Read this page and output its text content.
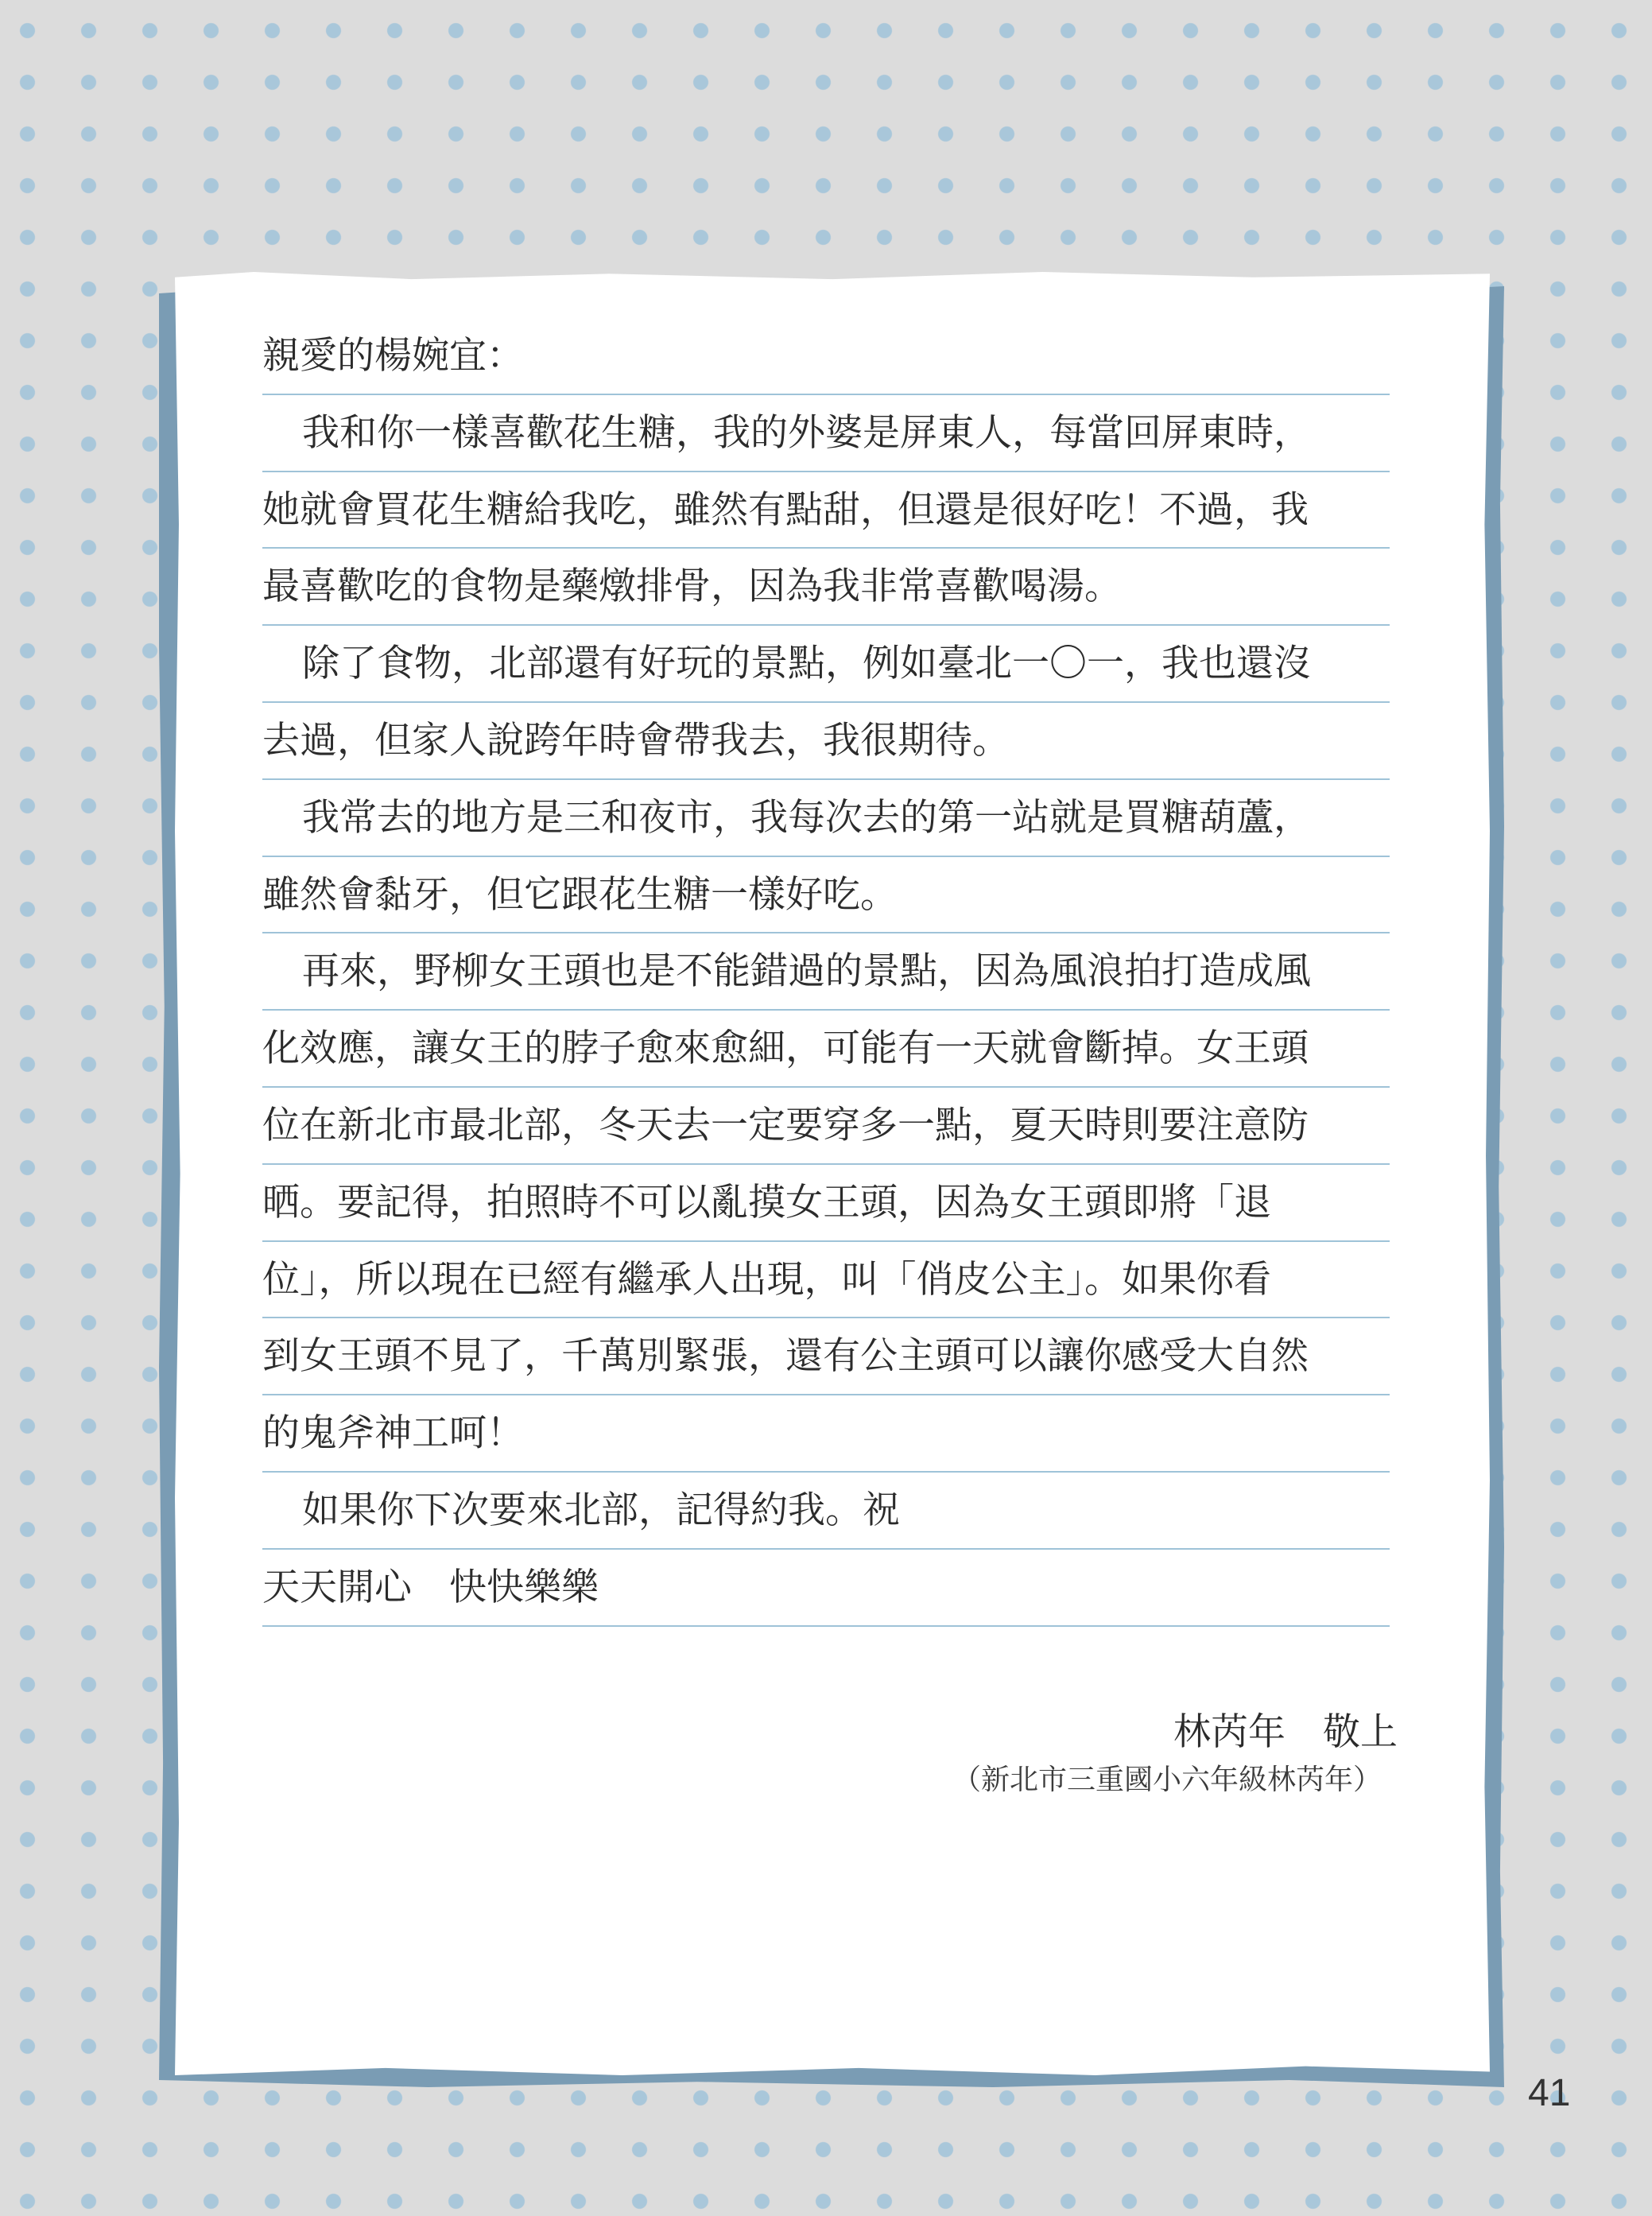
親愛的楊婉宜：
我和你一樣喜歡花生糖，我的外婆是屏東人，每當回屏東時，
她就會買花生糖給我吃，雖然有點甜，但還是很好吃！不過，我
最喜歡吃的食物是藥燉排骨，因為我非常喜歡喝湯。
除了食物，北部還有好玩的景點，例如臺北一〇一，我也還沒
去過，但家人說跨年時會帶我去，我很期待。
我常去的地方是三和夜市，我每次去的第一站就是買糖葫蘆，
雖然會黏牙，但它跟花生糖一樣好吃。
再來，野柳女王頭也是不能錯過的景點，因為風浪拍打造成風
化效應，讓女王的脖子愈來愈細，可能有一天就會斷掉。女王頭
位在新北市最北部，冬天去一定要穿多一點，夏天時則要注意防
晒。要記得，拍照時不可以亂摸女王頭，因為女王頭即將「退
位」，所以現在已經有繼承人出現，叫「俏皮公主」。如果你看
到女王頭不見了，千萬別緊張，還有公主頭可以讓你感受大自然
的鬼斧神工呵！
如果你下次要來北部，記得約我。祝
天天開心　快快樂樂
林芮年　敬上
（新北市三重國小六年級林芮年）
41
